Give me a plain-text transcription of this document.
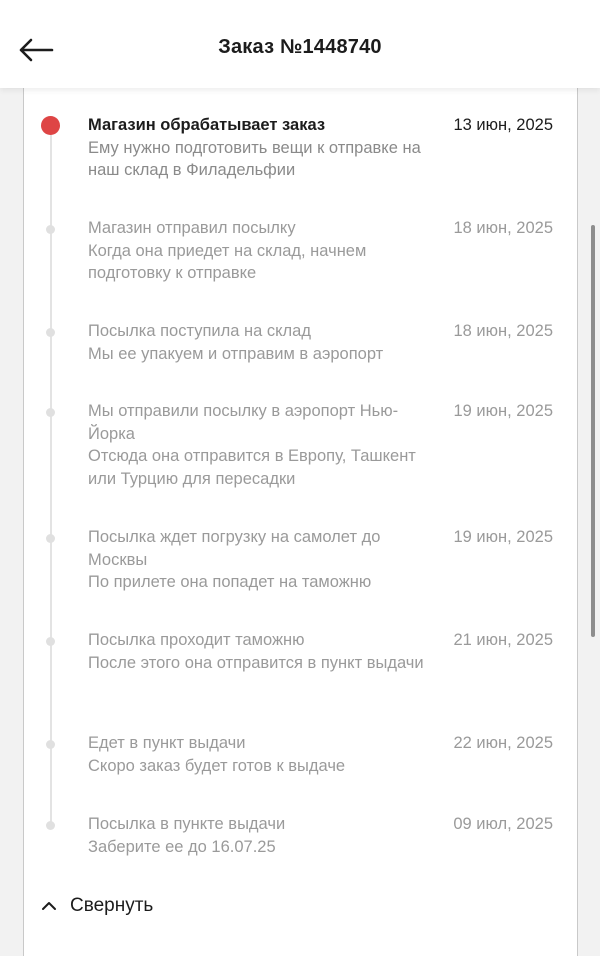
Заказ №1448740
Магазин обрабатывает заказ
Ему нужно подготовить вещи к отправке на наш склад в Филадельфии
13 июн, 2025
Магазин отправил посылку
Когда она приедет на склад, начнем подготовку к отправке
18 июн, 2025
Посылка поступила на склад
Мы ее упакуем и отправим в аэропорт
18 июн, 2025
Мы отправили посылку в аэропорт Нью-Йорка
Отсюда она отправится в Европу, Ташкент или Турцию для пересадки
19 июн, 2025
Посылка ждет погрузку на самолет до Москвы
По прилете она попадет на таможню
19 июн, 2025
Посылка проходит таможню
После этого она отправится в пункт выдачи
21 июн, 2025
Едет в пункт выдачи
Скоро заказ будет готов к выдаче
22 июн, 2025
Посылка в пункте выдачи
Заберите ее до 16.07.25
09 июл, 2025
Свернуть
